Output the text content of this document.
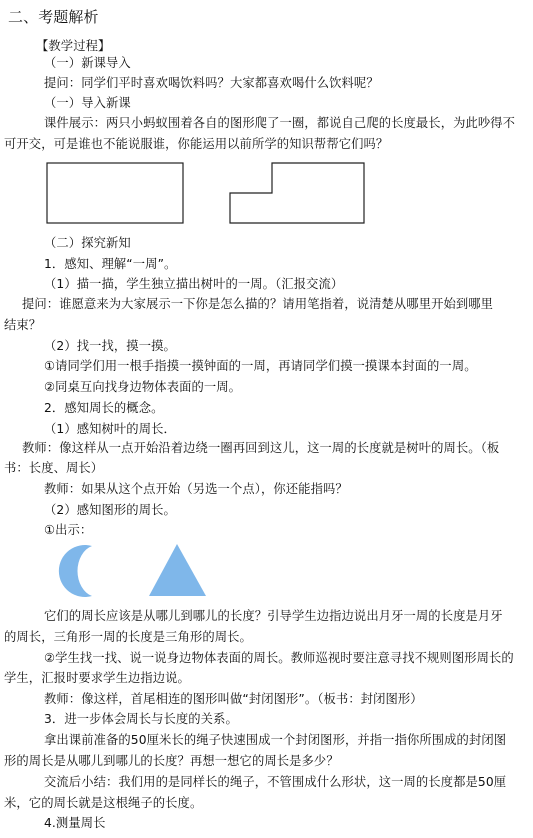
二、考题解析
【教学过程】
（一）新课导入
提问：同学们平时喜欢喝饮料吗？大家都喜欢喝什么饮料呢？
（一）导入新课
课件展示：两只小蚂蚁围着各自的图形爬了一圈，都说自己爬的长度最长，为此吵得不
可开交，可是谁也不能说服谁，你能运用以前所学的知识帮帮它们吗？
（二）探究新知
1．感知、理解“一周”。
（1）描一描，学生独立描出树叶的一周。（汇报交流）
提问：谁愿意来为大家展示一下你是怎么描的？请用笔指着，说清楚从哪里开始到哪里
结束？
（2）找一找，摸一摸。
①请同学们用一根手指摸一摸钟面的一周，再请同学们摸一摸课本封面的一周。
②同桌互向找身边物体表面的一周。
2．感知周长的概念。
（1）感知树叶的周长．
教师：像这样从一点开始沿着边绕一圈再回到这儿，这一周的长度就是树叶的周长。（板
书：长度、周长）
教师：如果从这个点开始（另选一个点），你还能指吗？
（2）感知图形的周长。
①出示：
它们的周长应该是从哪儿到哪儿的长度？引导学生边指边说出月牙一周的长度是月牙
的周长，三角形一周的长度是三角形的周长。
②学生找一找、说一说身边物体表面的周长。教师巡视时要注意寻找不规则图形周长的
学生，汇报时要求学生边指边说。
教师：像这样，首尾相连的图形叫做“封闭图形”。（板书：封闭图形）
3．进一步体会周长与长度的关系。
拿出课前准备的50厘米长的绳子快速围成一个封闭图形，并指一指你所围成的封闭图
形的周长是从哪儿到哪儿的长度？再想一想它的周长是多少？
交流后小结：我们用的是同样长的绳子，不管围成什么形状，这一周的长度都是50厘
米，它的周长就是这根绳子的长度。
4.测量周长
